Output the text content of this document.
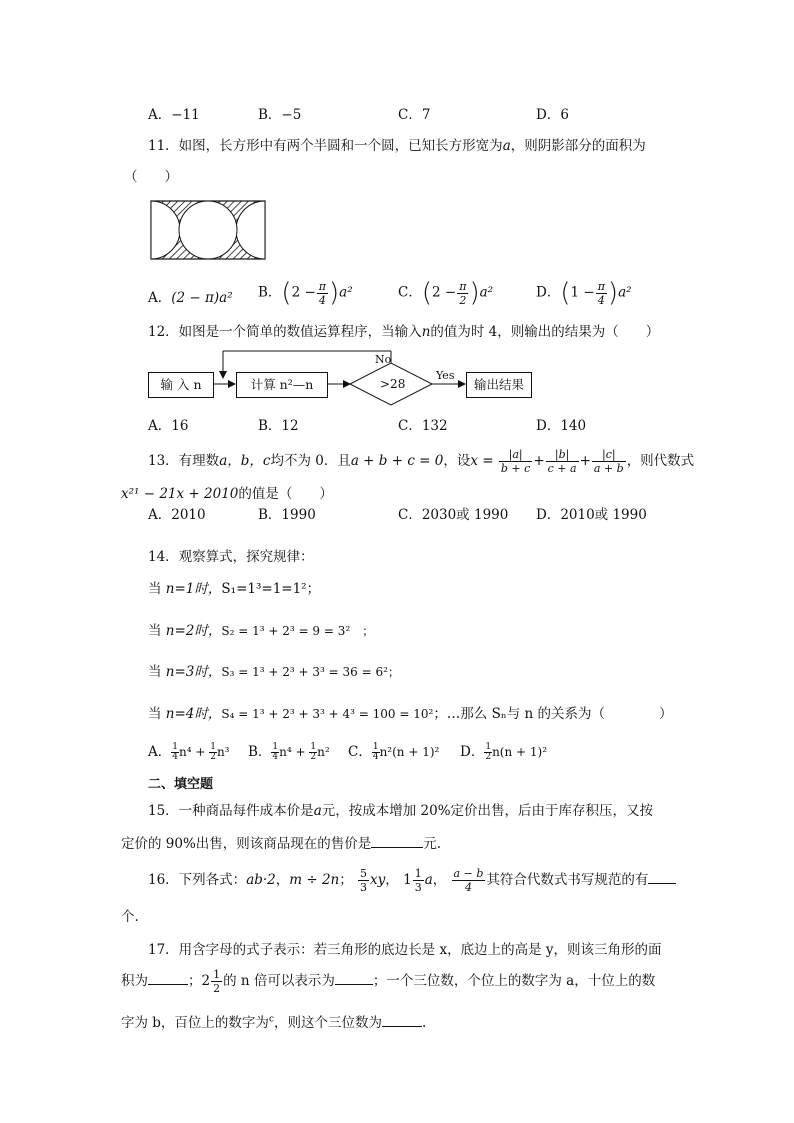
A．−11	B．−5	C．7	D．6
11．如图，长方形中有两个半圆和一个圆，已知长方形宽为a，则阴影部分的面积为
（　　）
A．(2 − π)a² B．$(2 - \frac{\pi}{4} )a^2$	C．$(2 - \frac{\pi}{2} )a^2$	D．$(1 - \frac{\pi}{4} )a^2$
12．如图是一个简单的数值运算程序，当输入n的值为时 4，则输出的结果为（　　）
输 入 n	计算 n²—n	>28
No
Yes
输出结果
A．16	B．12	C．132	D．140
13．有理数a，b，c均不为 0．且a + b + c = 0，设$x = \frac{|a|}{b + c} + \frac{|b|}{c + a} + \frac{|c|}{a + b}$ ，则代数式
x²¹ − 21x + 2010的值是（　　）
A．2010	B．1990	C．2030或 1990 D．2010或 1990
14．观察算式，探究规律：
当 n=1时，S₁=1³=1=1²；
当 n=2时，S₂ = 1³ + 2³ = 9 = 3²　；
当 n=3时，S₃ = 1³ + 2³ + 3³ = 36 = 6²；
当 n=4时，S₄ = 1³ + 2³ + 3³ + 4³ = 100 = 10²；…那么 Sₙ与 n 的关系为（　　　　）
A． $\frac{1}{4} n^4 + \frac{1}{2} n^3$ B． $\frac{1}{4} n^4 + \frac{1}{2} n^2$ C． $\frac{1}{4} n^2(n + 1)^2$ D． $\frac{1}{2} n(n + 1)^2$
二、填空题
15．一种商品每件成本价是a元，按成本增加 20%定价出售，后由于库存积压，又按
定价的 90%出售，则该商品现在的售价是	元.
16．下列各式：ab·2，m ÷ 2n； $\frac{5}{3}$ xy， $1 \frac{1}{3}$ a， $\frac{a - b}{4}$ 其符合代数式书写规范的有
个.
17．用含字母的式子表示：若三角形的底边长是 x，底边上的高是 y，则该三角形的面
积为	；$2 \frac{1}{2}$ 的 n 倍可以表示为	；一个三位数，个位上的数字为 a，十位上的数
字为 b，百位上的数字为$^c$，则这个三位数为	.
